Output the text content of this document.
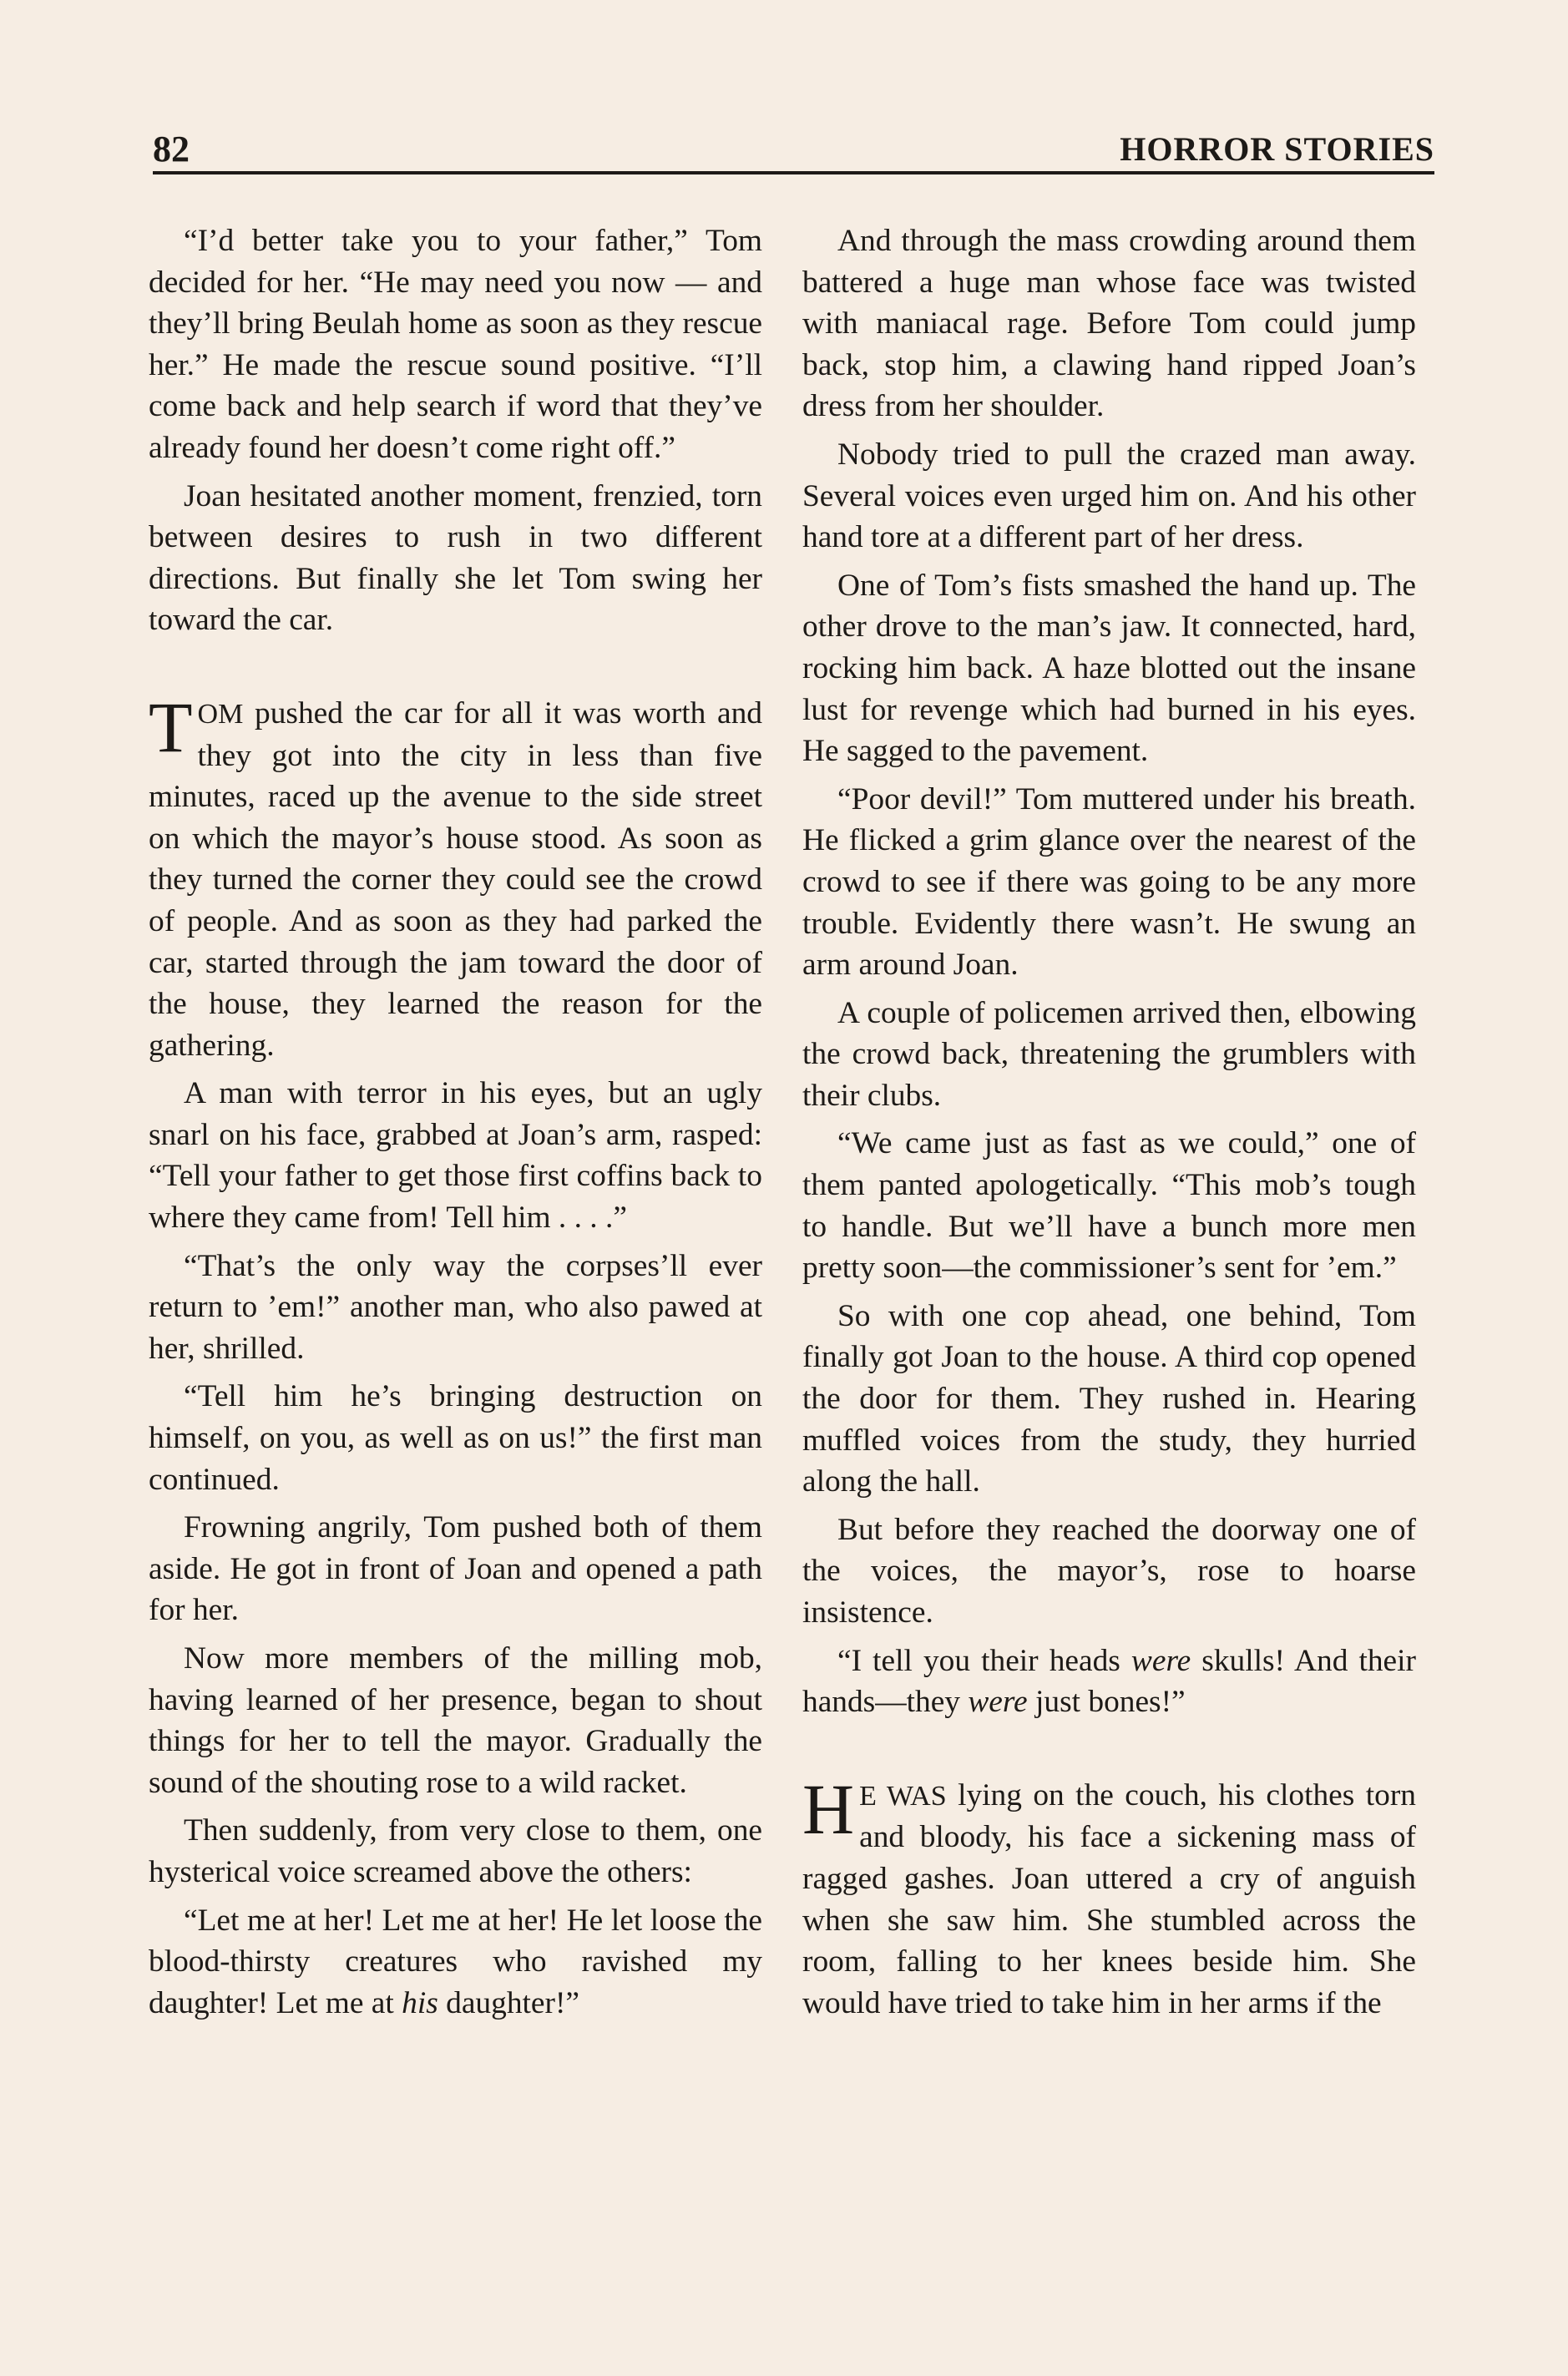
82	HORROR STORIES

“I’d better take you to your father,” Tom decided for her. “He may need you now — and they’ll bring Beulah home as soon as they rescue her.” He made the rescue sound positive. “I’ll come back and help search if word that they’ve already found her doesn’t come right off.”

Joan hesitated another moment, frenzied, torn between desires to rush in two different directions. But finally she let Tom swing her toward the car.

TOM pushed the car for all it was worth and they got into the city in less than five minutes, raced up the avenue to the side street on which the mayor’s house stood. As soon as they turned the corner they could see the crowd of people. And as soon as they had parked the car, started through the jam toward the door of the house, they learned the reason for the gathering.

A man with terror in his eyes, but an ugly snarl on his face, grabbed at Joan’s arm, rasped: “Tell your father to get those first coffins back to where they came from! Tell him . . . .”

“That’s the only way the corpses’ll ever return to ’em!” another man, who also pawed at her, shrilled.

“Tell him he’s bringing destruction on himself, on you, as well as on us!” the first man continued.

Frowning angrily, Tom pushed both of them aside. He got in front of Joan and opened a path for her.

Now more members of the milling mob, having learned of her presence, began to shout things for her to tell the mayor. Gradually the sound of the shouting rose to a wild racket.

Then suddenly, from very close to them, one hysterical voice screamed above the others:

“Let me at her! Let me at her! He let loose the blood-thirsty creatures who ravished my daughter! Let me at his daughter!”

And through the mass crowding around them battered a huge man whose face was twisted with maniacal rage. Before Tom could jump back, stop him, a clawing hand ripped Joan’s dress from her shoulder.

Nobody tried to pull the crazed man away. Several voices even urged him on. And his other hand tore at a different part of her dress.

One of Tom’s fists smashed the hand up. The other drove to the man’s jaw. It connected, hard, rocking him back. A haze blotted out the insane lust for revenge which had burned in his eyes. He sagged to the pavement.

“Poor devil!” Tom muttered under his breath. He flicked a grim glance over the nearest of the crowd to see if there was going to be any more trouble. Evidently there wasn’t. He swung an arm around Joan.

A couple of policemen arrived then, elbowing the crowd back, threatening the grumblers with their clubs.

“We came just as fast as we could,” one of them panted apologetically. “This mob’s tough to handle. But we’ll have a bunch more men pretty soon—the commissioner’s sent for ’em.”

So with one cop ahead, one behind, Tom finally got Joan to the house. A third cop opened the door for them. They rushed in. Hearing muffled voices from the study, they hurried along the hall.

But before they reached the doorway one of the voices, the mayor’s, rose to hoarse insistence.

“I tell you their heads were skulls! And their hands—they were just bones!”

HE WAS lying on the couch, his clothes torn and bloody, his face a sickening mass of ragged gashes. Joan uttered a cry of anguish when she saw him. She stumbled across the room, falling to her knees beside him. She would have tried to take him in her arms if the
